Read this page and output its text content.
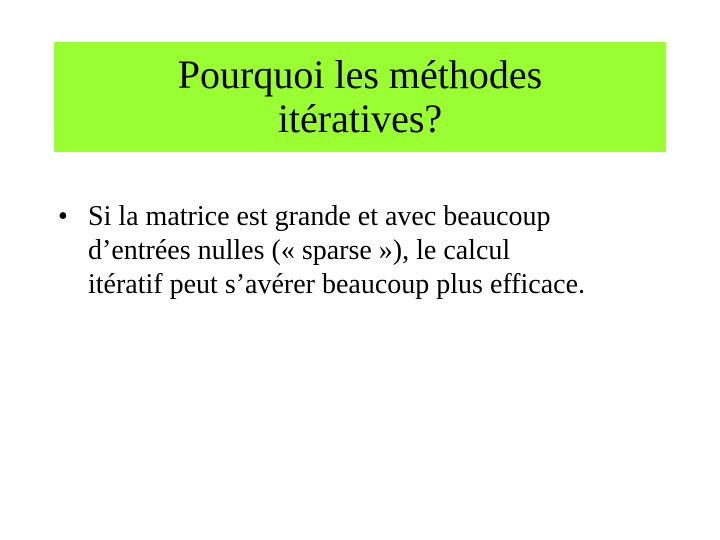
Pourquoi les méthodes
itératives?
• Si la matrice est grande et avec beaucoup
d’entrées nulles (« sparse »), le calcul
itératif peut s’avérer beaucoup plus efficace.
